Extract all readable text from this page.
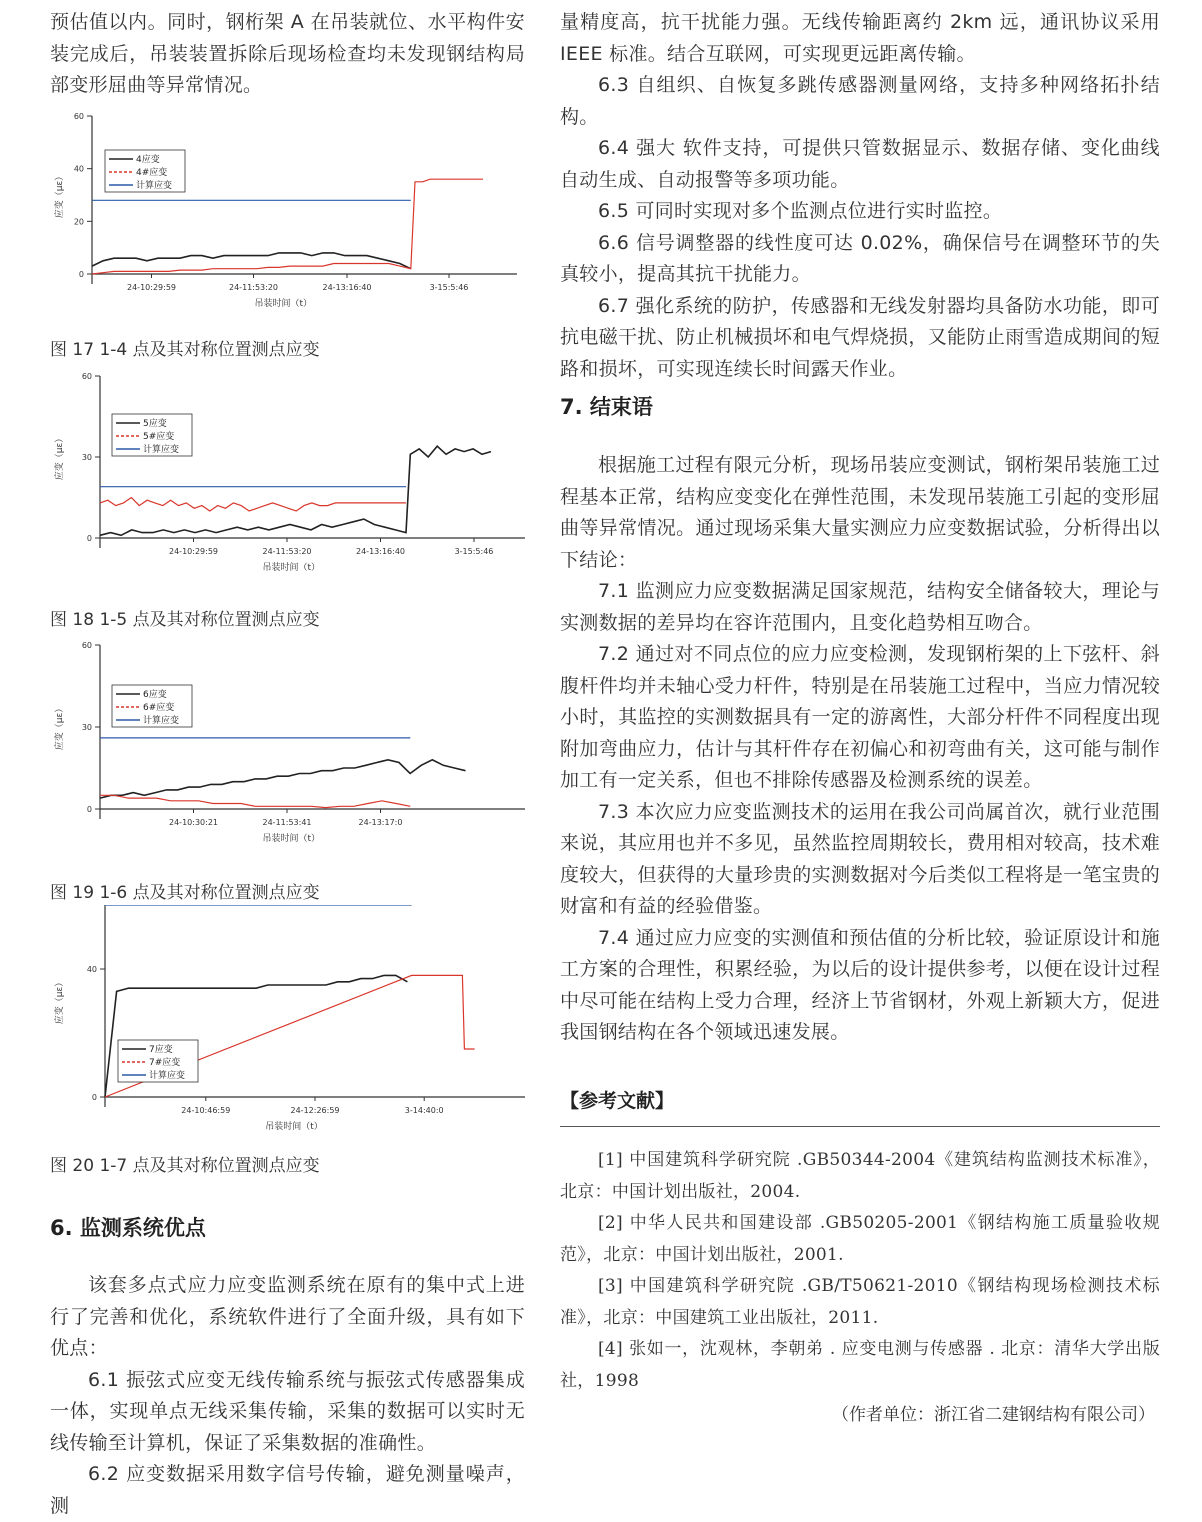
预估值以内。同时，钢桁架 A 在吊装就位、水平构件安装完成后，吊装装置拆除后现场检查均未发现钢结构局部变形屈曲等异常情况。

0
20
40
60
24-10:29:59	24-11:53:20	24-13:16:40	3-15:5:46
吊装时间（t）
应变（με）
4应变
4#应变
计算应变
图 17 1-4 点及其对称位置测点应变
0
30
60
24-10:29:59	24-11:53:20	24-13:16:40	3-15:5:46
吊装时间（t）
应变（με）
5应变
5#应变
计算应变
图 18 1-5 点及其对称位置测点应变
0
30
60
24-10:30:21	24-11:53:41	24-13:17:0
吊装时间（t）
应变（με）
6应变
6#应变
计算应变
图 19 1-6 点及其对称位置测点应变
0
40
24-10:46:59	24-12:26:59	3-14:40:0
吊装时间（t）
应变（με）
7应变
7#应变
计算应变
图 20 1-7 点及其对称位置测点应变
6. 监测系统优点

该套多点式应力应变监测系统在原有的集中式上进行了完善和优化，系统软件进行了全面升级，具有如下优点：

6.1 振弦式应变无线传输系统与振弦式传感器集成一体，实现单点无线采集传输，采集的数据可以实时无线传输至计算机，保证了采集数据的准确性。

6.2 应变数据采用数字信号传输，避免测量噪声，测

量精度高，抗干扰能力强。无线传输距离约 2km 远，通讯协议采用 IEEE 标准。结合互联网，可实现更远距离传输。

6.3 自组织、自恢复多跳传感器测量网络，支持多种网络拓扑结构。

6.4 强大 软件支持，可提供只管数据显示、数据存储、变化曲线自动生成、自动报警等多项功能。

6.5 可同时实现对多个监测点位进行实时监控。

6.6 信号调整器的线性度可达 0.02%，确保信号在调整环节的失真较小，提高其抗干扰能力。

6.7 强化系统的防护，传感器和无线发射器均具备防水功能，即可抗电磁干扰、防止机械损坏和电气焊烧损，又能防止雨雪造成期间的短路和损坏，可实现连续长时间露天作业。

7. 结束语

根据施工过程有限元分析，现场吊装应变测试，钢桁架吊装施工过程基本正常，结构应变变化在弹性范围，未发现吊装施工引起的变形屈曲等异常情况。通过现场采集大量实测应力应变数据试验，分析得出以下结论：

7.1 监测应力应变数据满足国家规范，结构安全储备较大，理论与实测数据的差异均在容许范围内，且变化趋势相互吻合。

7.2 通过对不同点位的应力应变检测，发现钢桁架的上下弦杆、斜腹杆件均并未轴心受力杆件，特别是在吊装施工过程中，当应力情况较小时，其监控的实测数据具有一定的游离性，大部分杆件不同程度出现附加弯曲应力，估计与其杆件存在初偏心和初弯曲有关，这可能与制作加工有一定关系，但也不排除传感器及检测系统的误差。

7.3 本次应力应变监测技术的运用在我公司尚属首次，就行业范围来说，其应用也并不多见，虽然监控周期较长，费用相对较高，技术难度较大，但获得的大量珍贵的实测数据对今后类似工程将是一笔宝贵的财富和有益的经验借鉴。

7.4 通过应力应变的实测值和预估值的分析比较，验证原设计和施工方案的合理性，积累经验，为以后的设计提供参考，以便在设计过程中尽可能在结构上受力合理，经济上节省钢材，外观上新颖大方，促进我国钢结构在各个领域迅速发展。

【参考文献】

[1] 中国建筑科学研究院 .GB50344-2004《建筑结构监测技术标准》，北京：中国计划出版社，2004.

[2] 中华人民共和国建设部 .GB50205-2001《钢结构施工质量验收规范》，北京：中国计划出版社，2001.

[3] 中国建筑科学研究院 .GB/T50621-2010《钢结构现场检测技术标准》，北京：中国建筑工业出版社，2011.

[4] 张如一，沈观林，李朝弟 . 应变电测与传感器 . 北京：清华大学出版社，1998

（作者单位：浙江省二建钢结构有限公司）
